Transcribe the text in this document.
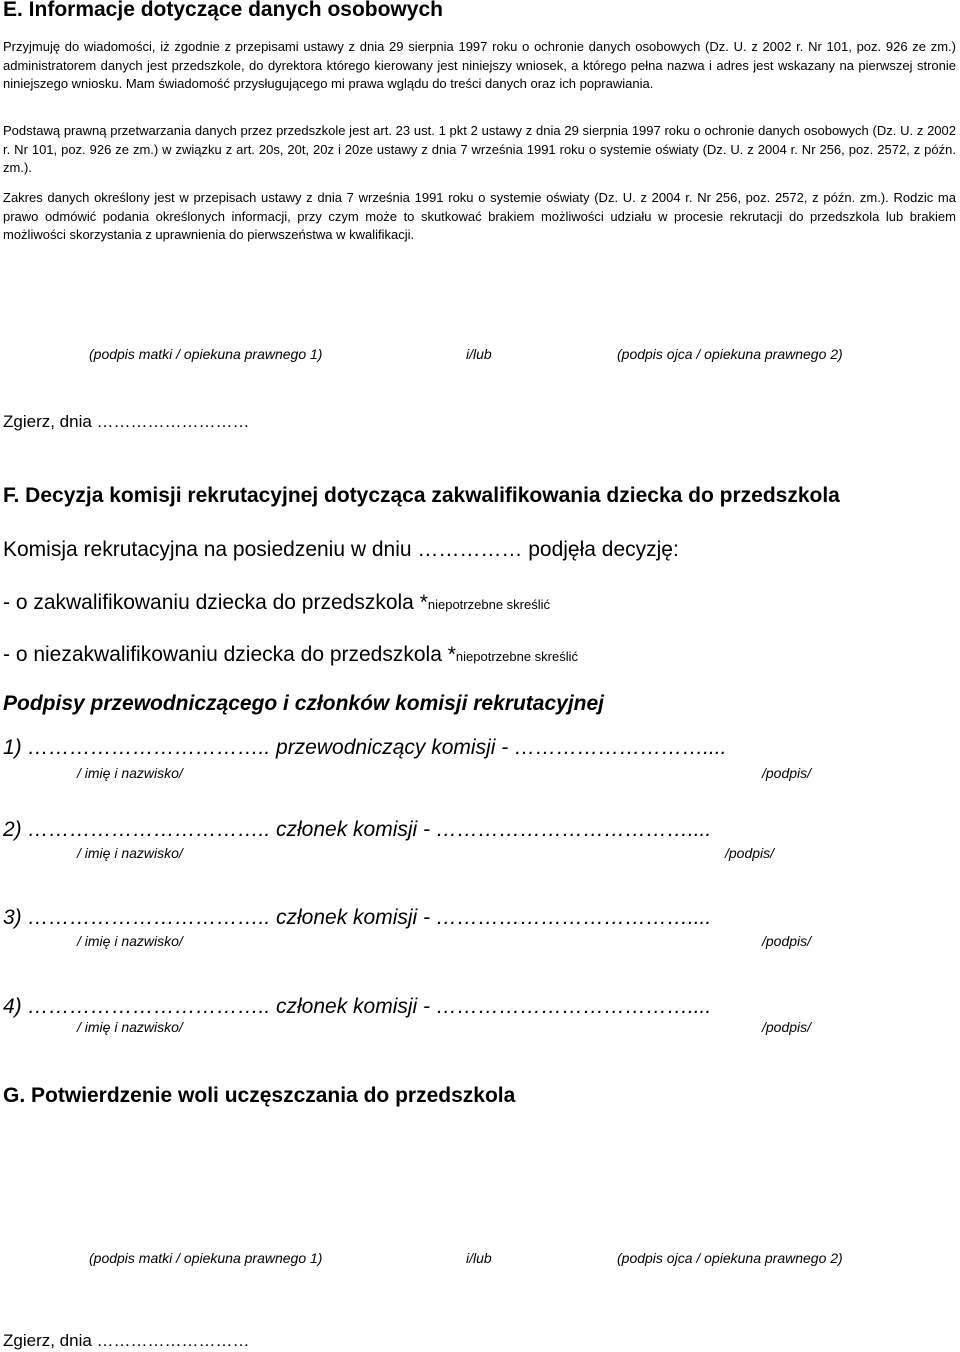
E. Informacje dotyczące danych osobowych
Przyjmuję do wiadomości, iż zgodnie z przepisami ustawy z dnia 29 sierpnia 1997 roku o ochronie danych osobowych (Dz. U. z 2002 r. Nr 101, poz. 926 ze zm.) administratorem danych jest przedszkole, do dyrektora którego kierowany jest niniejszy wniosek, a którego pełna nazwa i adres jest wskazany na pierwszej stronie niniejszego wniosku. Mam świadomość przysługującego mi prawa wglądu do treści danych oraz ich poprawiania.
Podstawą prawną przetwarzania danych przez przedszkole jest art. 23 ust. 1 pkt 2 ustawy z dnia 29 sierpnia 1997 roku o ochronie danych osobowych (Dz. U. z 2002 r. Nr 101, poz. 926 ze zm.) w związku z art. 20s, 20t, 20z i 20ze ustawy z dnia 7 września 1991 roku o systemie oświaty (Dz. U. z 2004 r. Nr 256, poz. 2572, z późn. zm.).
Zakres danych określony jest w przepisach ustawy z dnia 7 września 1991 roku o systemie oświaty (Dz. U. z 2004 r. Nr 256, poz. 2572, z późn. zm.). Rodzic ma prawo odmówić podania określonych informacji, przy czym może to skutkować brakiem możliwości udziału w procesie rekrutacji do przedszkola lub brakiem możliwości skorzystania z uprawnienia do pierwszeństwa w kwalifikacji.
(podpis matki / opiekuna prawnego 1)	i/lub	(podpis ojca / opiekuna prawnego 2)
Zgierz, dnia ………………………
F. Decyzja komisji rekrutacyjnej dotycząca zakwalifikowania dziecka do przedszkola
Komisja rekrutacyjna na posiedzeniu w dniu …………… podjęła decyzję:
- o zakwalifikowaniu dziecka do przedszkola *niepotrzebne skreślić
- o niezakwalifikowaniu dziecka do przedszkola *niepotrzebne skreślić
Podpisy przewodniczącego i członków komisji rekrutacyjnej
1) …………………………….. przewodniczący komisji - ………………………....
/ imię i nazwisko/	/podpis/
2) …………………………….. członek komisji - ………………………………....
/ imię i nazwisko/	/podpis/
3) …………………………….. członek komisji - ………………………………....
/ imię i nazwisko/	/podpis/
4) …………………………….. członek komisji - ………………………………....
/ imię i nazwisko/	/podpis/
G. Potwierdzenie woli uczęszczania do przedszkola
(podpis matki / opiekuna prawnego 1)	i/lub	(podpis ojca / opiekuna prawnego 2)
Zgierz, dnia ………………………
